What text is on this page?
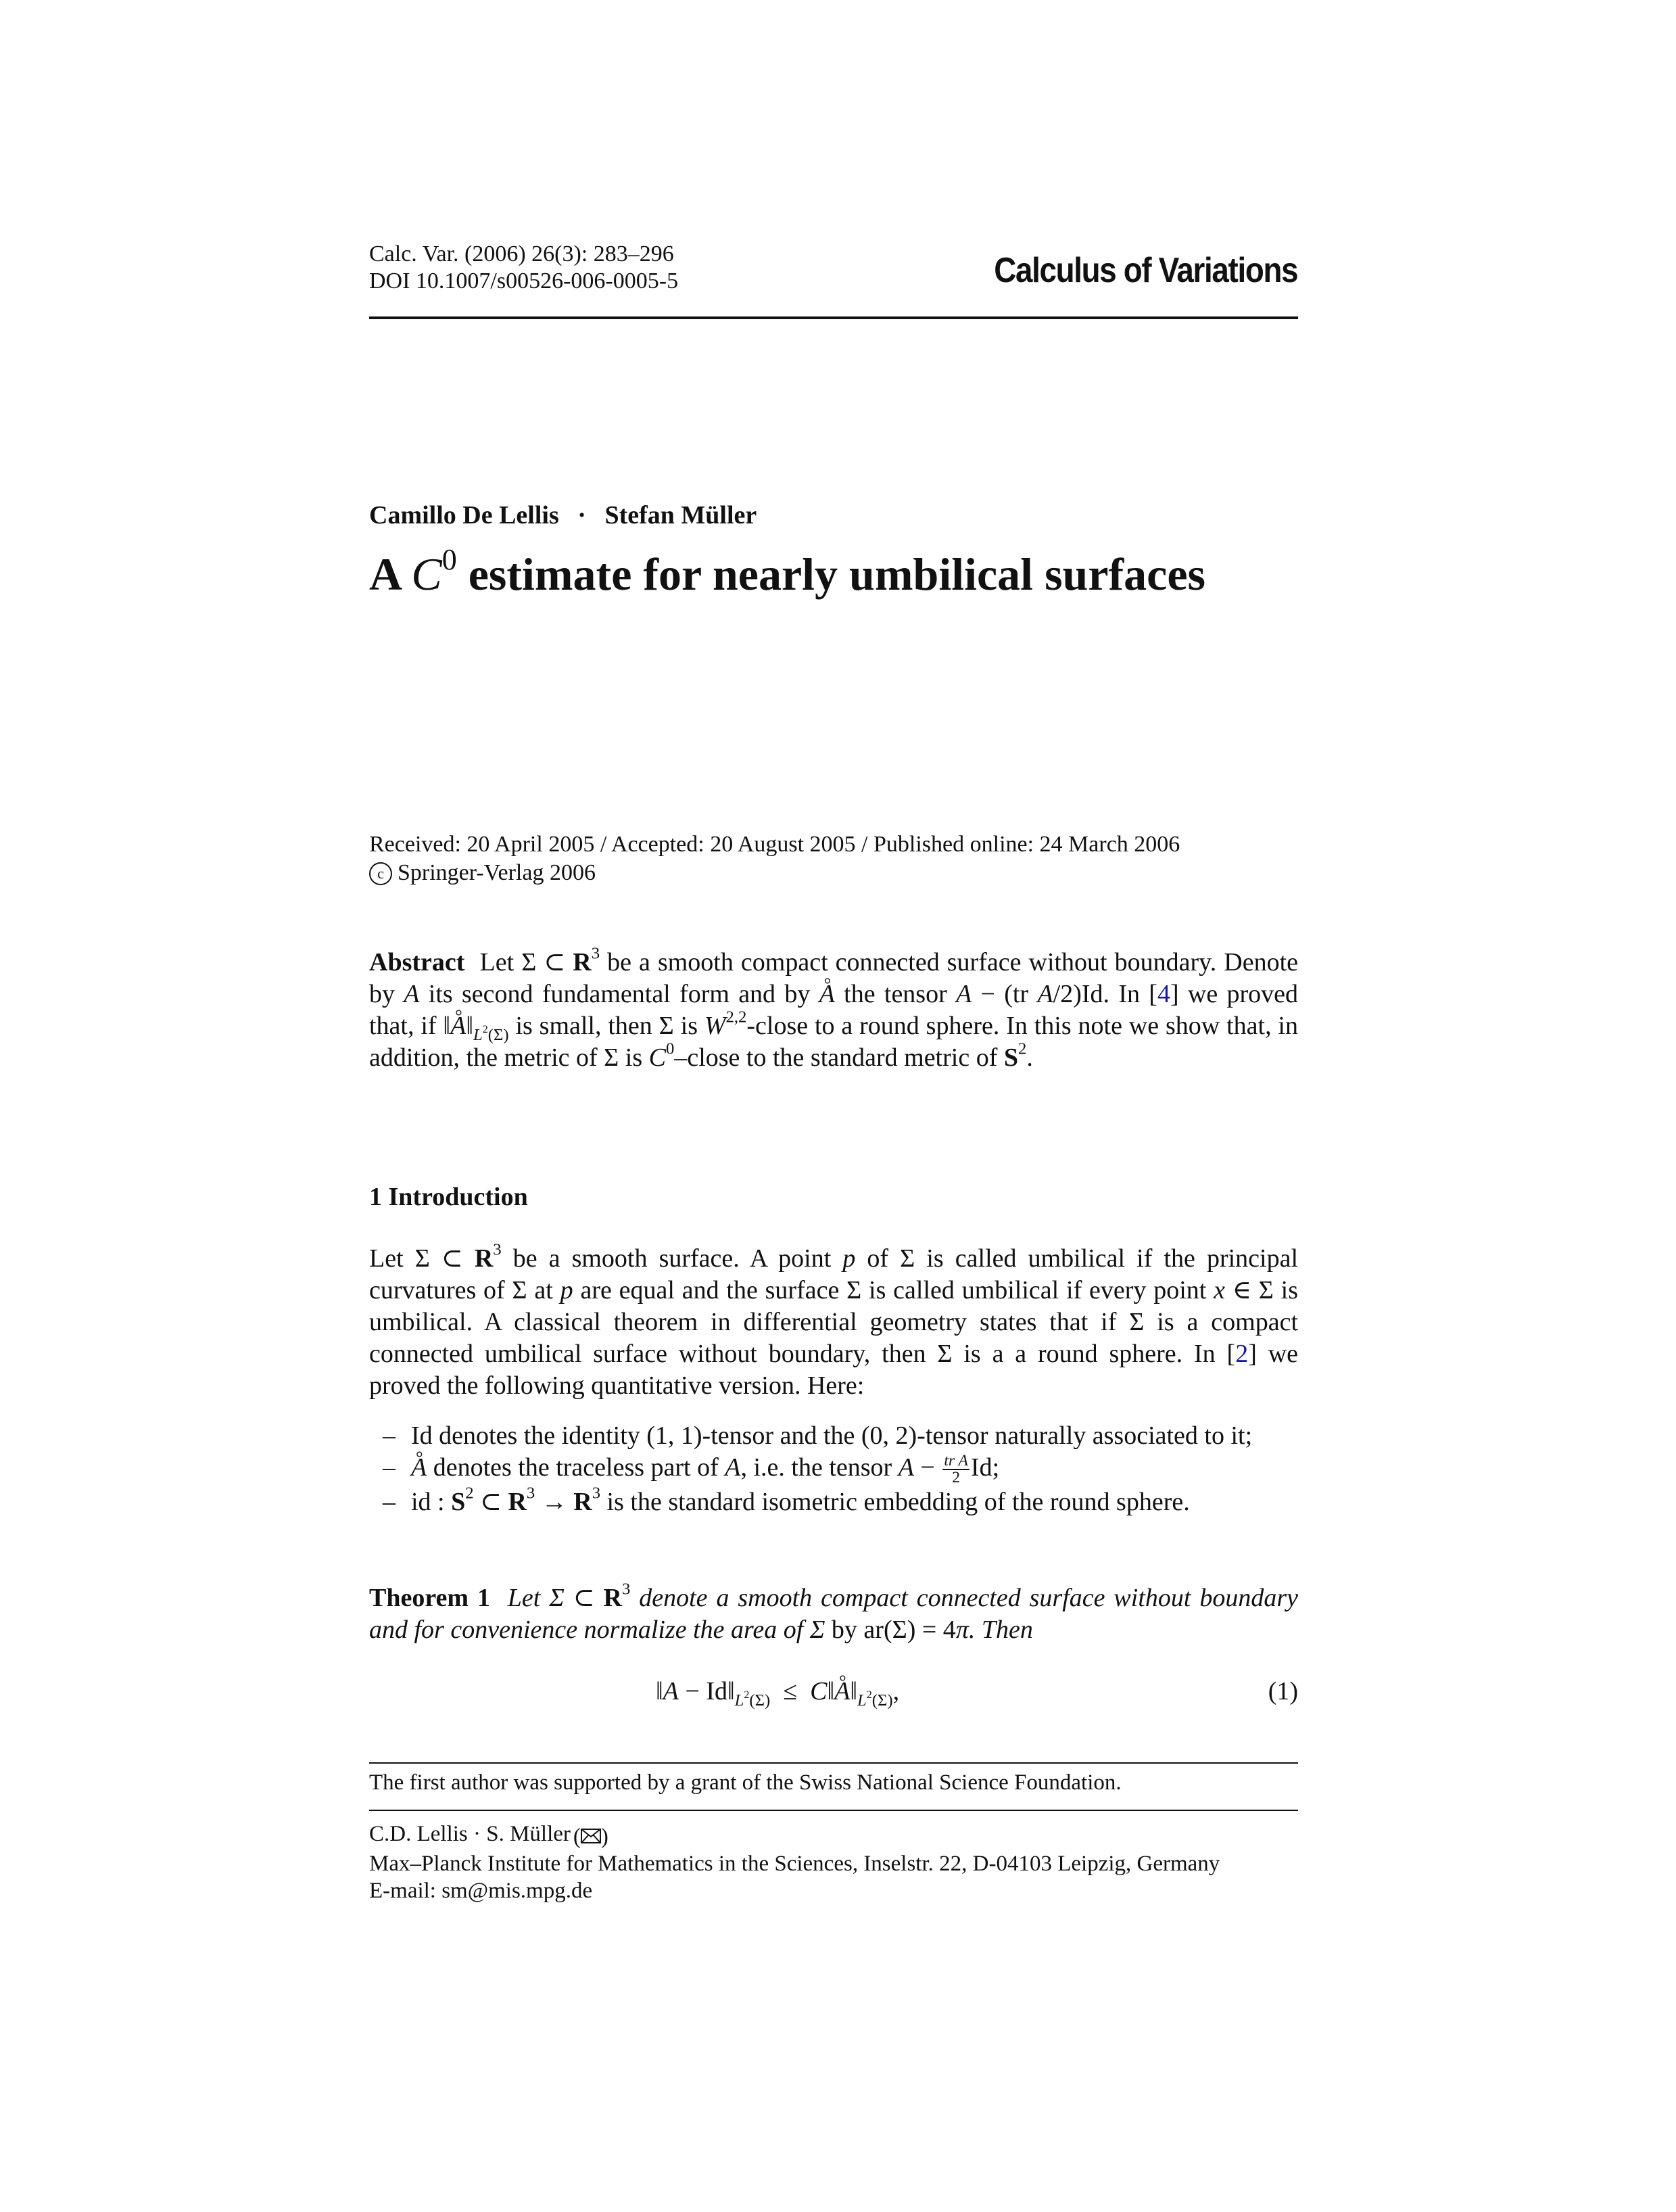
Calc. Var. (2006) 26(3): 283–296
DOI 10.1007/s00526-006-0005-5	Calculus of Variations
Camillo De Lellis · Stefan Müller
A $C^0$ estimate for nearly umbilical surfaces
Received: 20 April 2005 / Accepted: 20 August 2005 / Published online: 24 March 2006
c Springer-Verlag 2006
Abstract  Let Σ ⊂ $R^3$ be a smooth compact connected surface without boundary. Denote by A its second fundamental form and by ° A the tensor A − (tr A/2)Id. In [4] we proved that, if ‖° $A‖_{L^2(\Sigma)}$ is small, then Σ is W$^{2,2}$-close to a round sphere. In this note we show that, in addition, the metric of Σ is $C^0$–close to the standard metric of $S^2$.
1 Introduction
Let Σ ⊂ $R^3$ be a smooth surface. A point p of Σ is called umbilical if the principal curvatures of Σ at p are equal and the surface Σ is called umbilical if every point x ∈ Σ is umbilical. A classical theorem in differential geometry states that if Σ is a compact connected umbilical surface without boundary, then Σ is a a round sphere. In [2] we proved the following quantitative version. Here:
– Id denotes the identity (1, 1)-tensor and the (0, 2)-tensor naturally associated to it;
–
° A denotes the traceless part of A, i.e. the tensor $A - \frac{\text{tr A}}{2} Id$;
– id : $S^2$ ⊂ $R^3 \to R^3$ is the standard isometric embedding of the round sphere.
Theorem 1  Let Σ ⊂ $R^3$ denote a smooth compact connected surface without boundary and for convenience normalize the area of Σ by ar(Σ) = 4π. Then
‖A − $Id‖_{L^2(\Sigma)}$  ≤  C‖° $A‖_{L^2(\Sigma)}$,	(1)
The first author was supported by a grant of the Swiss National Science Foundation.
C.D. Lellis · S. Müller ( )
Max–Planck Institute for Mathematics in the Sciences, Inselstr. 22, D-04103 Leipzig, Germany
E-mail: sm@mis.mpg.de
